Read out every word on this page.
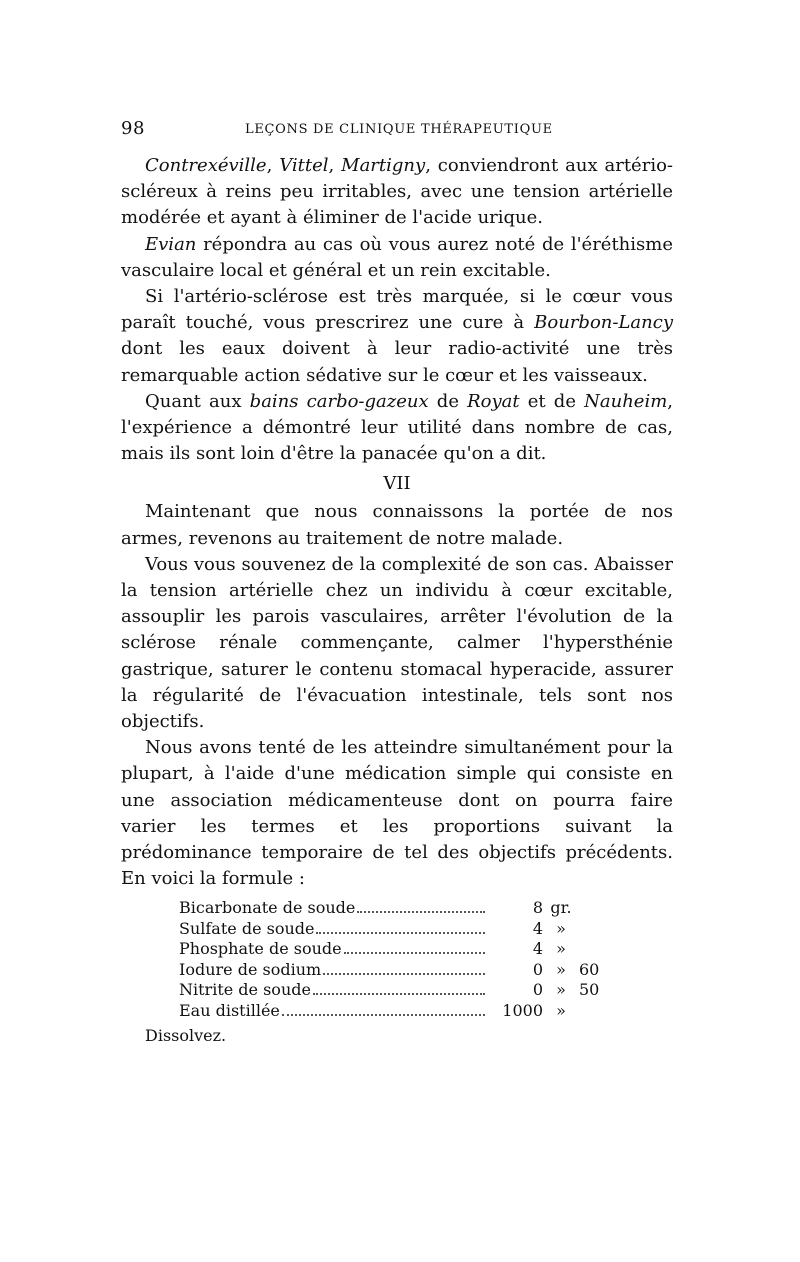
98	LEÇONS DE CLINIQUE THÉRAPEUTIQUE

Contrexéville, Vittel, Martigny, conviendront aux artério-scléreux à reins peu irritables, avec une tension artérielle modérée et ayant à éliminer de l'acide urique.

Evian répondra au cas où vous aurez noté de l'éréthisme vasculaire local et général et un rein excitable.

Si l'artério-sclérose est très marquée, si le cœur vous paraît touché, vous prescrirez une cure à Bourbon-Lancy dont les eaux doivent à leur radio-activité une très remarquable action sédative sur le cœur et les vaisseaux.

Quant aux bains carbo-gazeux de Royat et de Nauheim, l'expérience a démontré leur utilité dans nombre de cas, mais ils sont loin d'être la panacée qu'on a dit.

VII

Maintenant que nous connaissons la portée de nos armes, revenons au traitement de notre malade.

Vous vous souvenez de la complexité de son cas. Abaisser la tension artérielle chez un individu à cœur excitable, assouplir les parois vasculaires, arrêter l'évolution de la sclérose rénale commençante, calmer l'hypersthénie gastrique, saturer le contenu stomacal hyperacide, assurer la régularité de l'évacuation intestinale, tels sont nos objectifs.

Nous avons tenté de les atteindre simultanément pour la plupart, à l'aide d'une médication simple qui consiste en une association médicamenteuse dont on pourra faire varier les termes et les proportions suivant la prédominance temporaire de tel des objectifs précédents. En voici la formule :

Bicarbonate de soude	8 gr.
Sulfate de soude	4 »
Phosphate de soude	4 »
Iodure de sodium	0 » 60
Nitrite de soude	0 » 50
Eau distillée	1000 »
Dissolvez.
